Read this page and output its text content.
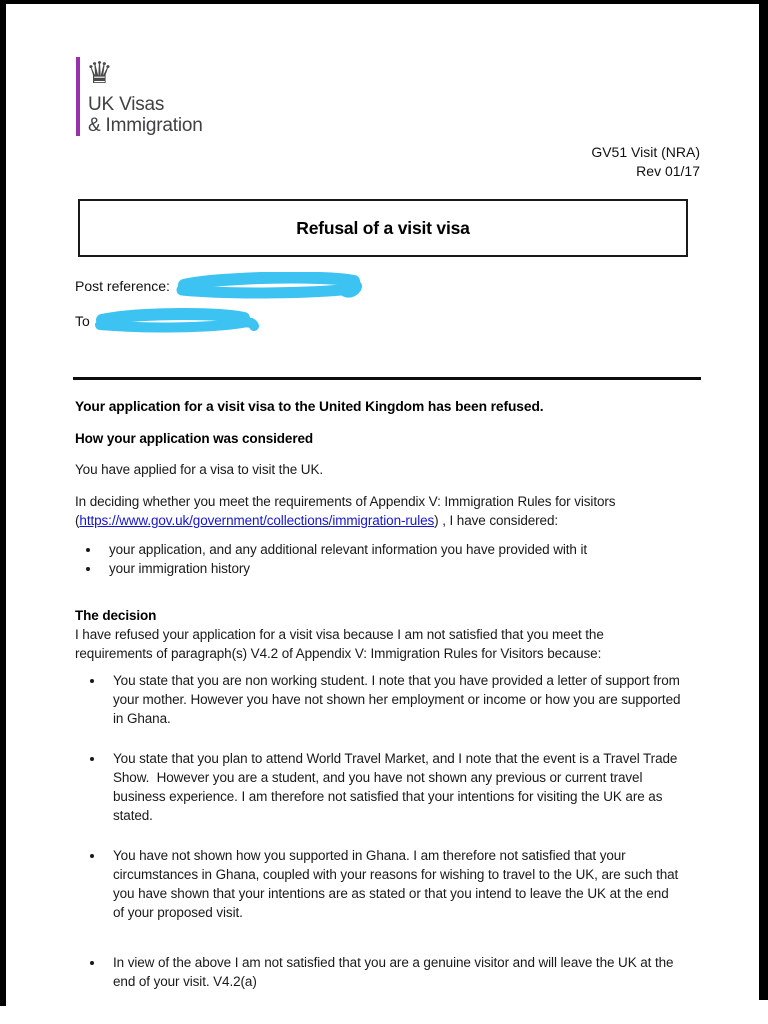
♛
UK Visas
& Immigration
GV51 Visit (NRA)
Rev 01/17
Refusal of a visit visa
Post reference:
To

Your application for a visit visa to the United Kingdom has been refused.

How your application was considered

You have applied for a visa to visit the UK.

In deciding whether you meet the requirements of Appendix V: Immigration Rules for visitors (https://www.gov.uk/government/collections/immigration-rules) , I have considered:

• your application, and any additional relevant information you have provided with it
• your immigration history

The decision

I have refused your application for a visit visa because I am not satisfied that you meet the requirements of paragraph(s) V4.2 of Appendix V: Immigration Rules for Visitors because:

• You state that you are non working student. I note that you have provided a letter of support from your mother. However you have not shown her employment or income or how you are supported in Ghana.
• You state that you plan to attend World Travel Market, and I note that the event is a Travel Trade Show.  However you are a student, and you have not shown any previous or current travel business experience. I am therefore not satisfied that your intentions for visiting the UK are as stated.
• You have not shown how you supported in Ghana. I am therefore not satisfied that your circumstances in Ghana, coupled with your reasons for wishing to travel to the UK, are such that you have shown that your intentions are as stated or that you intend to leave the UK at the end of your proposed visit.
• In view of the above I am not satisfied that you are a genuine visitor and will leave the UK at the end of your visit. V4.2(a)
